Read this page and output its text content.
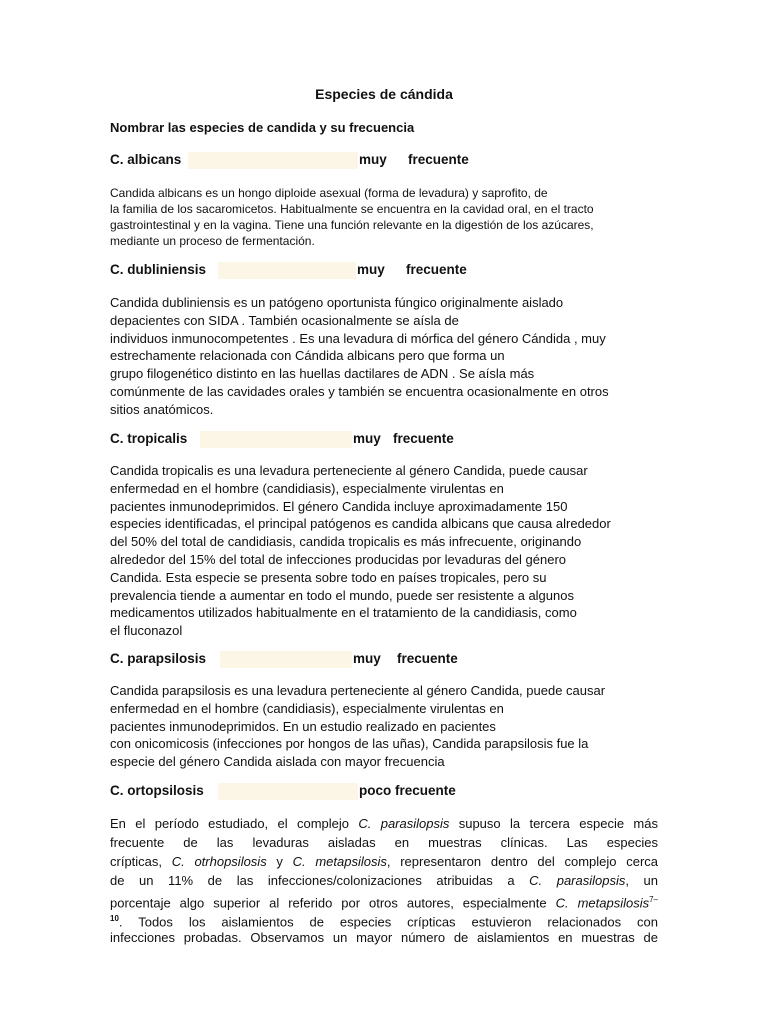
Especies de cándida
Nombrar las especies de candida y su frecuencia
C. albicans	muy frecuente
Candida albicans es un hongo diploide asexual (forma de levadura) y saprofito, de
la familia de los sacaromicetos. Habitualmente se encuentra en la cavidad oral, en el tracto
gastrointestinal y en la vagina. Tiene una función relevante en la digestión de los azúcares,
mediante un proceso de fermentación.
C. dubliniensis	muy frecuente
Candida dubliniensis es un patógeno oportunista fúngico originalmente aislado
depacientes con SIDA . También ocasionalmente se aísla de
individuos inmunocompetentes . Es una levadura di mórfica del género Cándida , muy
estrechamente relacionada con Cándida albicans pero que forma un
grupo filogenético distinto en las huellas dactilares de ADN . Se aísla más
comúnmente de las cavidades orales y también se encuentra ocasionalmente en otros
sitios anatómicos.
C. tropicalis	muy frecuente
Candida tropicalis es una levadura perteneciente al género Candida, puede causar
enfermedad en el hombre (candidiasis), especialmente virulentas en
pacientes inmunodeprimidos. El género Candida incluye aproximadamente 150
especies identificadas, el principal patógenos es candida albicans que causa alrededor
del 50% del total de candidiasis, candida tropicalis es más infrecuente, originando
alrededor del 15% del total de infecciones producidas por levaduras del género
Candida. Esta especie se presenta sobre todo en países tropicales, pero su
prevalencia tiende a aumentar en todo el mundo, puede ser resistente a algunos
medicamentos utilizados habitualmente en el tratamiento de la candidiasis, como
el fluconazol
C. parapsilosis	muy frecuente
Candida parapsilosis es una levadura perteneciente al género Candida, puede causar
enfermedad en el hombre (candidiasis), especialmente virulentas en
pacientes inmunodeprimidos. En un estudio realizado en pacientes
con onicomicosis (infecciones por hongos de las uñas), Candida parapsilosis fue la
especie del género Candida aislada con mayor frecuencia
C. ortopsilosis	poco frecuente
En el período estudiado, el complejo C. parasilopsis supuso la tercera especie más
frecuente de las levaduras aisladas en muestras clínicas. Las especies
crípticas, C. otrhopsilosis y C. metapsilosis, representaron dentro del complejo cerca
de un 11% de las infecciones/colonizaciones atribuidas a C. parasilopsis, un
porcentaje algo superior al referido por otros autores, especialmente C. metapsilosis$^{7-}$
$^{10}$. Todos los aislamientos de especies crípticas estuvieron relacionados con
infecciones probadas. Observamos un mayor número de aislamientos en muestras de
